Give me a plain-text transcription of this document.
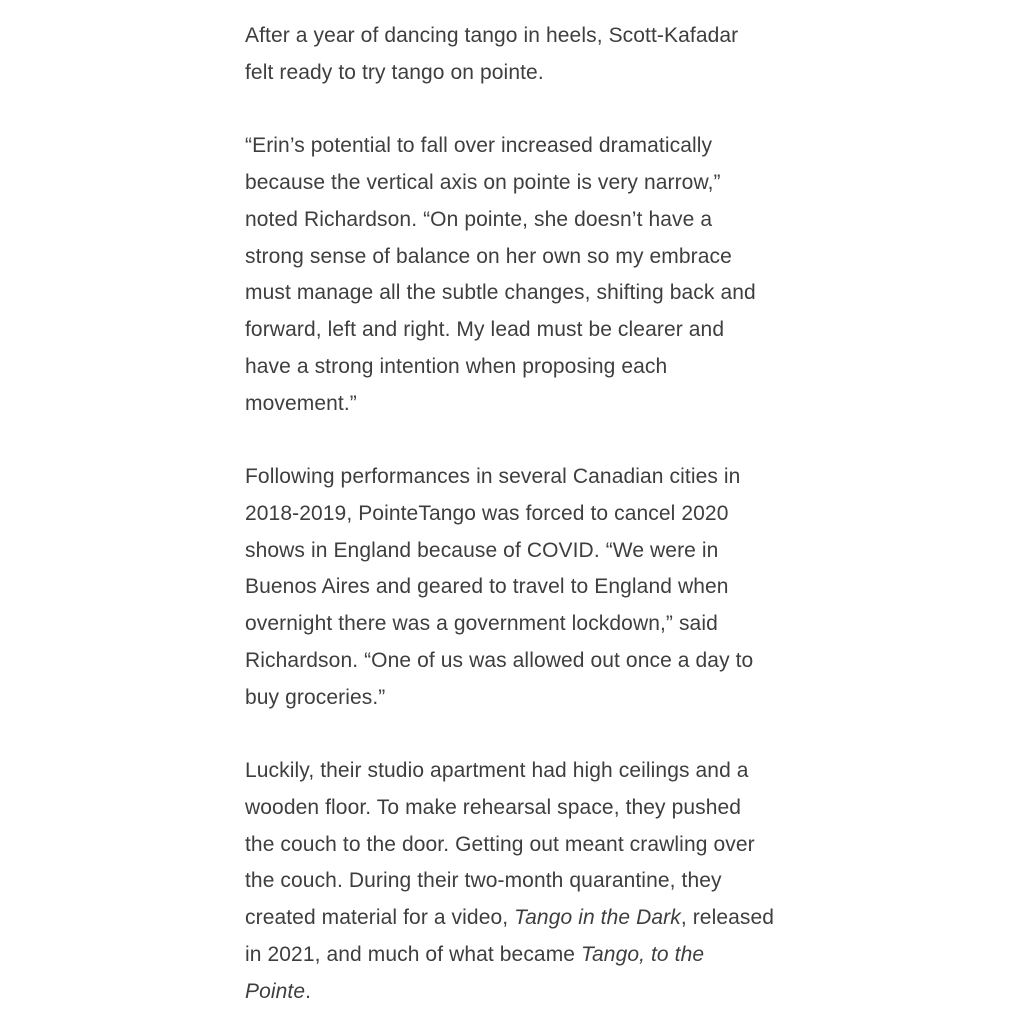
After a year of dancing tango in heels, Scott-Kafadar
felt ready to try tango on pointe.

“Erin’s potential to fall over increased dramatically
because the vertical axis on pointe is very narrow,”
noted Richardson. “On pointe, she doesn’t have a
strong sense of balance on her own so my embrace
must manage all the subtle changes, shifting back and
forward, left and right. My lead must be clearer and
have a strong intention when proposing each
movement.”

Following performances in several Canadian cities in
2018-2019, PointeTango was forced to cancel 2020
shows in England because of COVID. “We were in
Buenos Aires and geared to travel to England when
overnight there was a government lockdown,” said
Richardson. “One of us was allowed out once a day to
buy groceries.”

Luckily, their studio apartment had high ceilings and a
wooden floor. To make rehearsal space, they pushed
the couch to the door. Getting out meant crawling over
the couch. During their two-month quarantine, they
created material for a video, Tango in the Dark, released
in 2021, and much of what became Tango, to the
Pointe.
